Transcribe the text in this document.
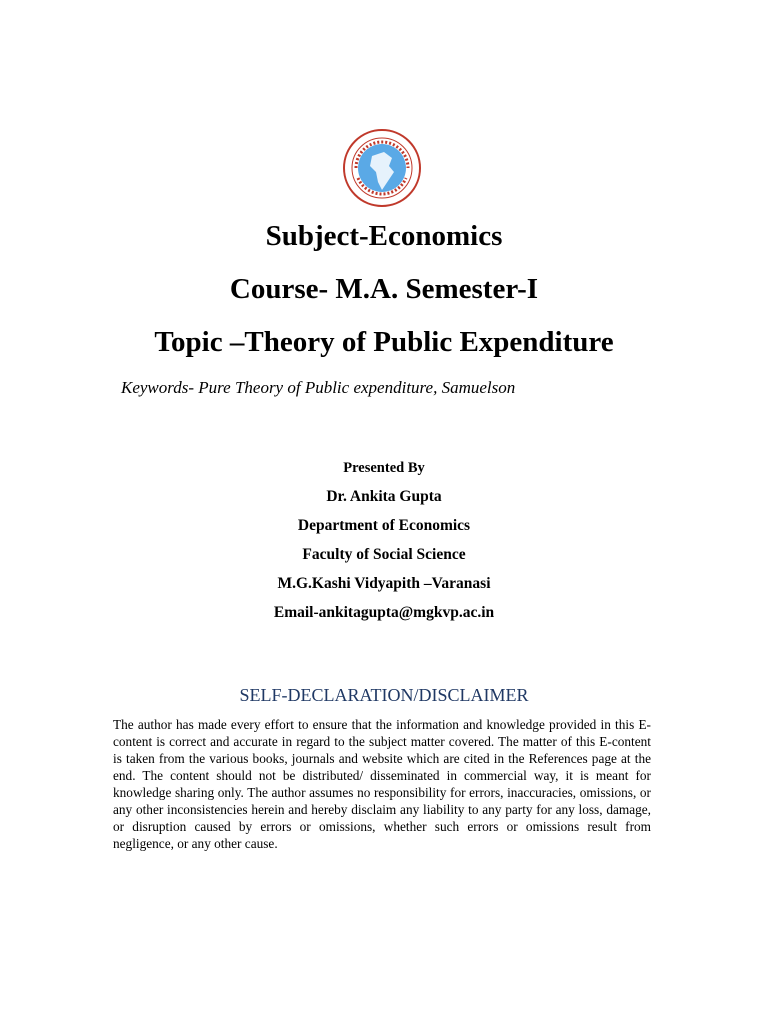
Subject-Economics
Course- M.A. Semester-I
Topic –Theory of Public Expenditure
Keywords- Pure Theory of Public expenditure, Samuelson
Presented By
Dr. Ankita Gupta
Department of Economics
Faculty of Social Science
M.G.Kashi Vidyapith –Varanasi
Email-ankitagupta@mgkvp.ac.in
SELF-DECLARATION/DISCLAIMER

The author has made every effort to ensure that the information and knowledge provided in this E-content is correct and accurate in regard to the subject matter covered. The matter of this E-content is taken from the various books, journals and website which are cited in the References page at the end. The content should not be distributed/ disseminated in commercial way, it is meant for knowledge sharing only. The author assumes no responsibility for errors, inaccuracies, omissions, or any other inconsistencies herein and hereby disclaim any liability to any party for any loss, damage, or disruption caused by errors or omissions, whether such errors or omissions result from negligence, or any other cause.
